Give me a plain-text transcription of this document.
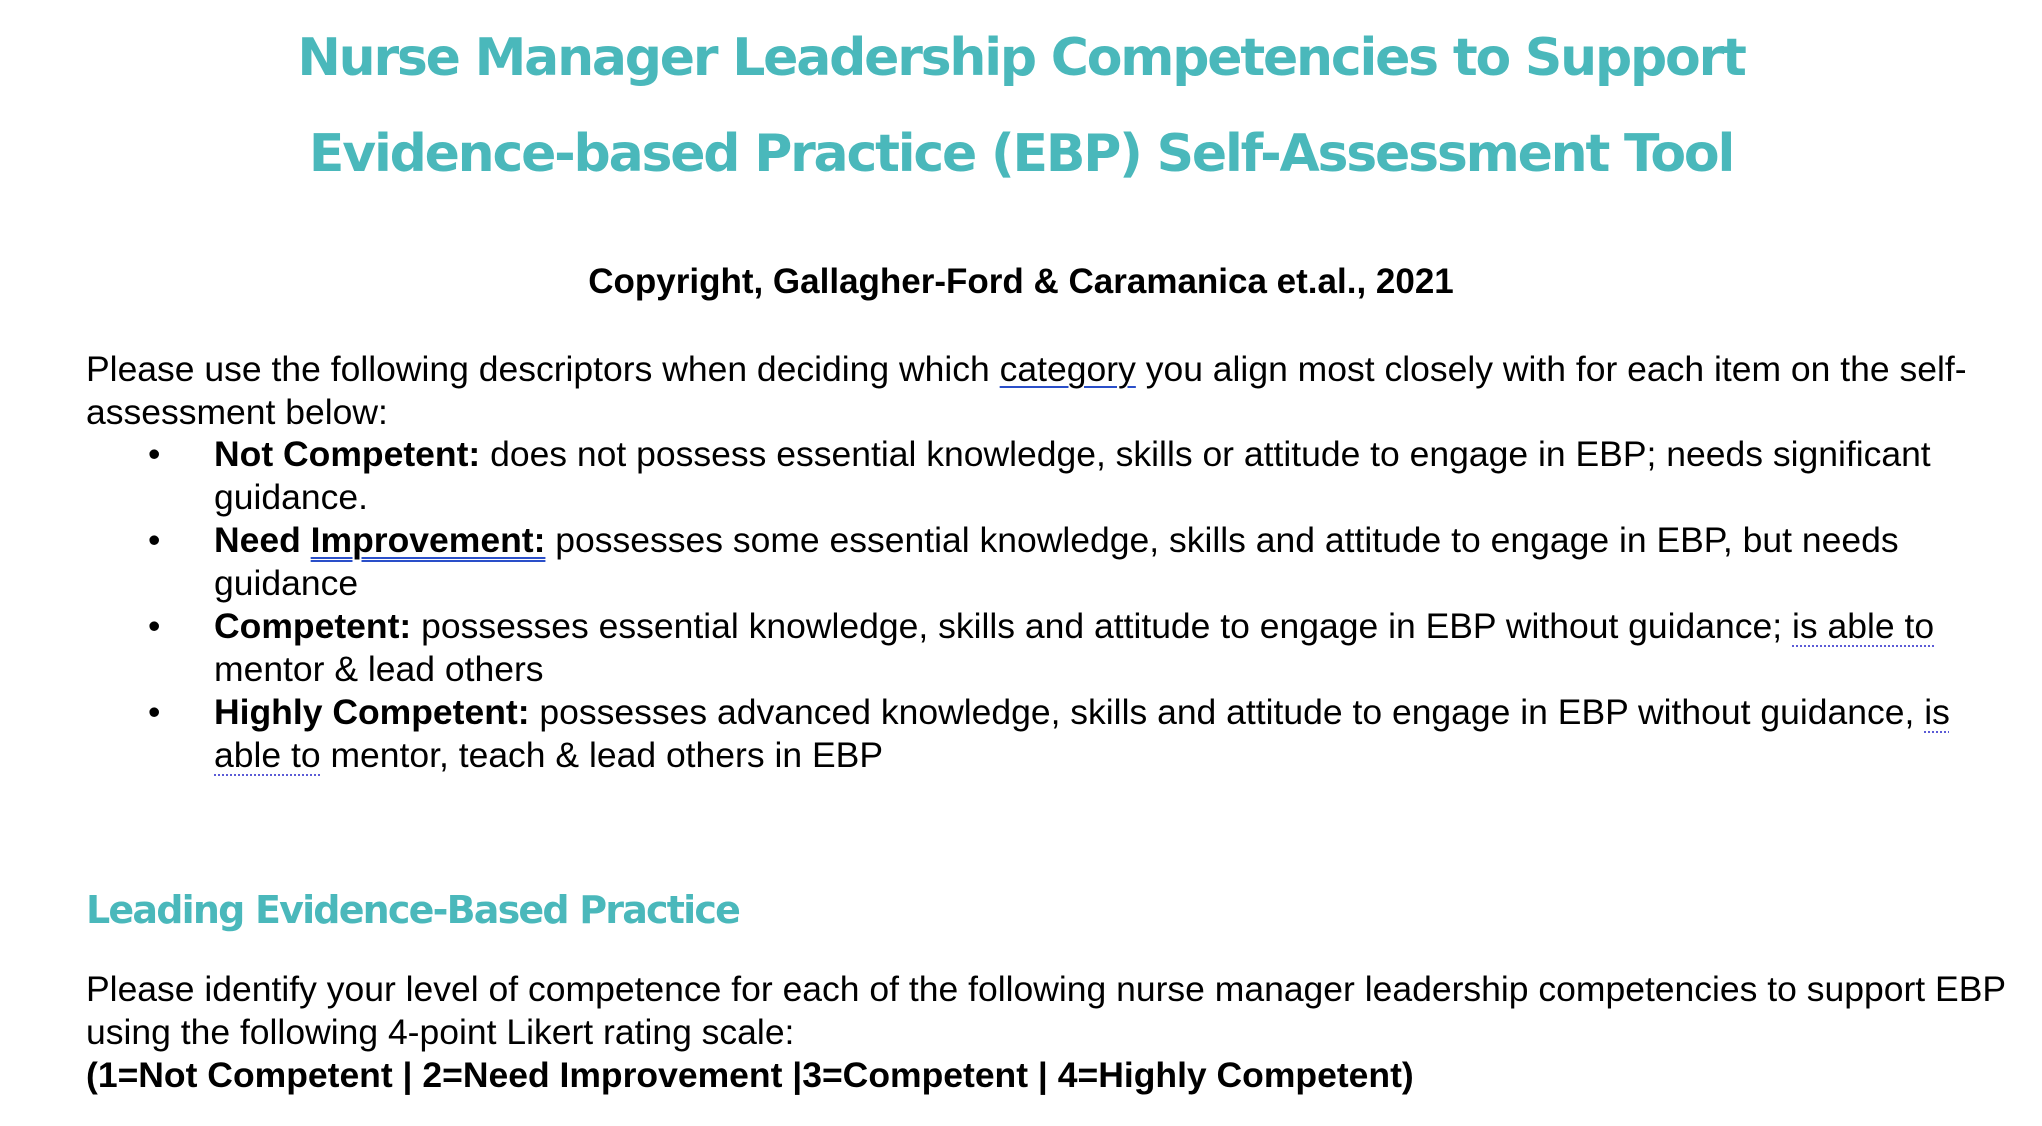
Nurse Manager Leadership Competencies to Support
Evidence-based Practice (EBP) Self-Assessment Tool
Copyright, Gallagher-Ford & Caramanica et.al., 2021
Please use the following descriptors when deciding which category you align most closely with for each item on the self-assessment below:
• Not Competent: does not possess essential knowledge, skills or attitude to engage in EBP; needs significant guidance.
• Need Improvement: possesses some essential knowledge, skills and attitude to engage in EBP, but needs guidance
• Competent: possesses essential knowledge, skills and attitude to engage in EBP without guidance; is able to mentor & lead others
• Highly Competent: possesses advanced knowledge, skills and attitude to engage in EBP without guidance, is able to mentor, teach & lead others in EBP
Leading Evidence-Based Practice
Please identify your level of competence for each of the following nurse manager leadership competencies to support EBP using the following 4-point Likert rating scale:
(1=Not Competent | 2=Need Improvement |3=Competent | 4=Highly Competent)
